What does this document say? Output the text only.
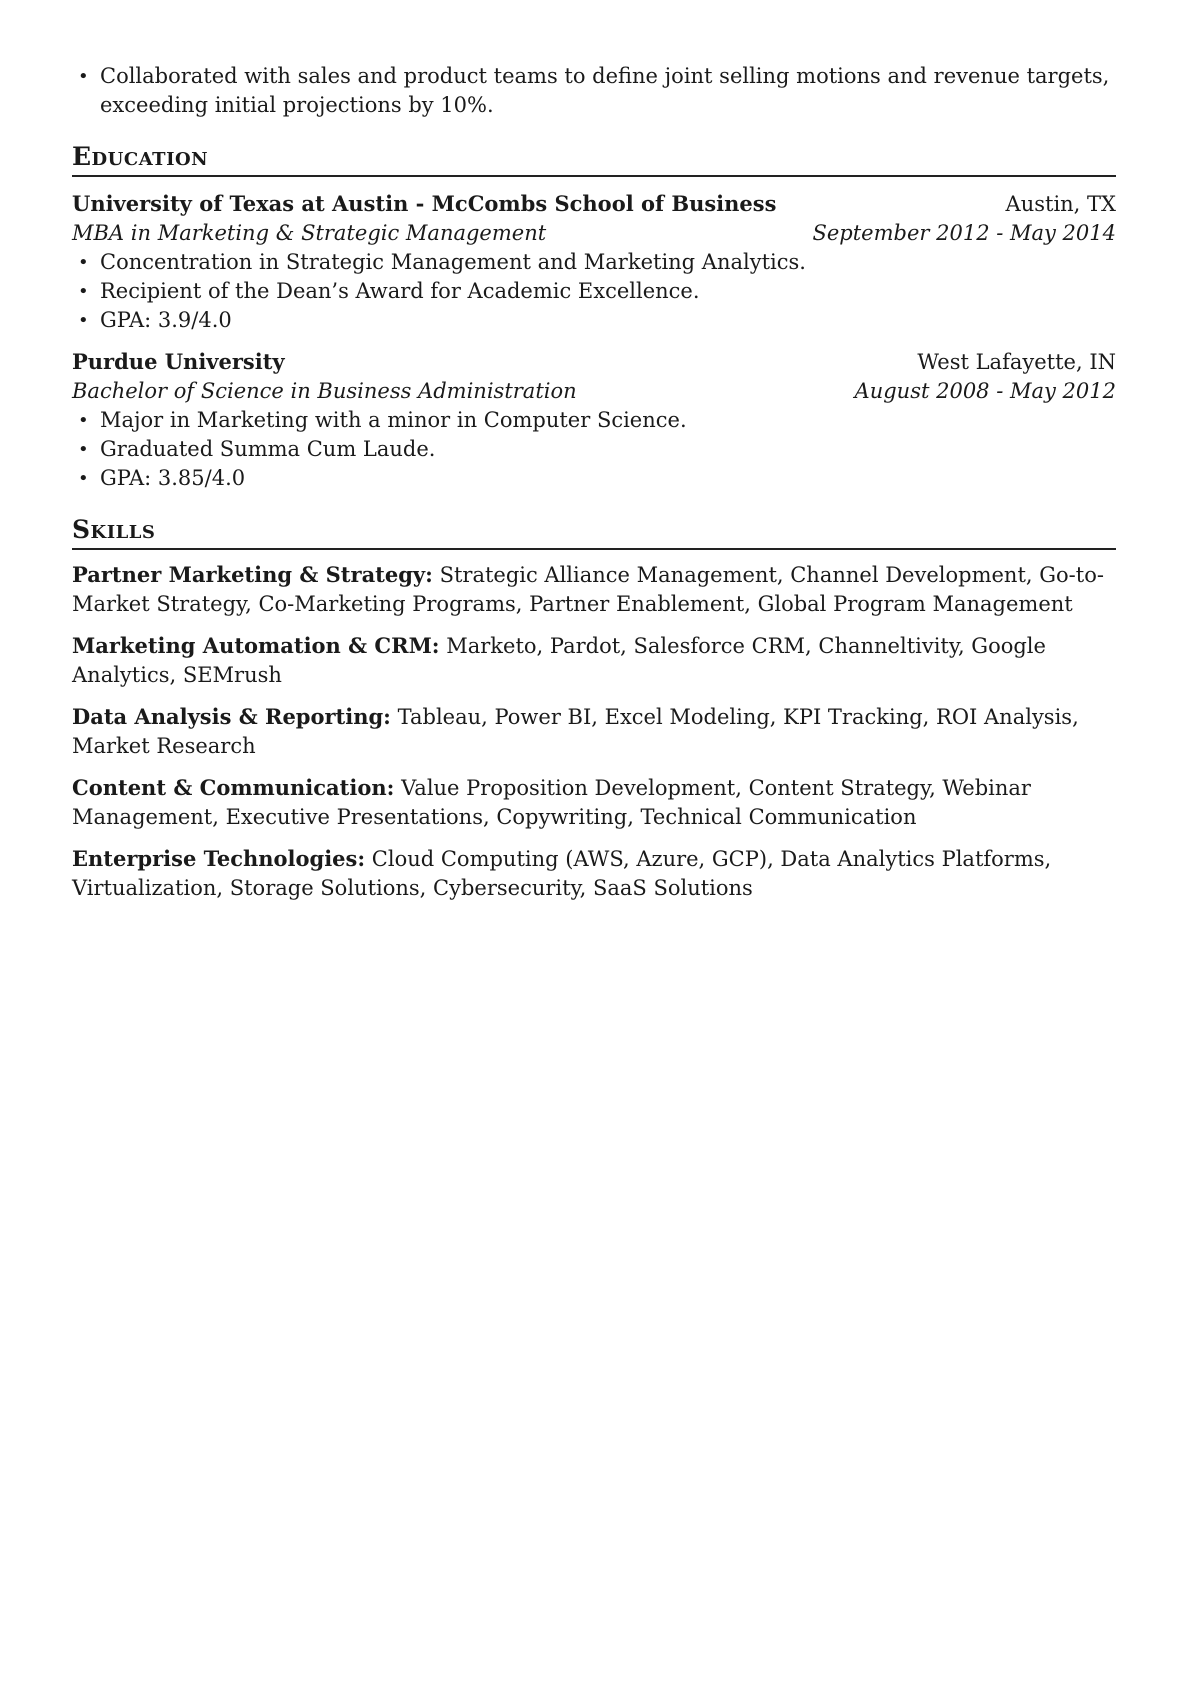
• Collaborated with sales and product teams to define joint selling motions and revenue targets, exceeding initial projections by 10%.
Education
University of Texas at Austin - McCombs School of Business	Austin, TX
MBA in Marketing & Strategic Management	September 2012 - May 2014
• Concentration in Strategic Management and Marketing Analytics.
• Recipient of the Dean’s Award for Academic Excellence.
• GPA: 3.9/4.0
Purdue University	West Lafayette, IN
Bachelor of Science in Business Administration	August 2008 - May 2012
• Major in Marketing with a minor in Computer Science.
• Graduated Summa Cum Laude.
• GPA: 3.85/4.0
Skills
Partner Marketing & Strategy: Strategic Alliance Management, Channel Development, Go-to-Market Strategy, Co-Marketing Programs, Partner Enablement, Global Program Management
Marketing Automation & CRM: Marketo, Pardot, Salesforce CRM, Channeltivity, Google Analytics, SEMrush
Data Analysis & Reporting: Tableau, Power BI, Excel Modeling, KPI Tracking, ROI Analysis, Market Research
Content & Communication: Value Proposition Development, Content Strategy, Webinar Management, Executive Presentations, Copywriting, Technical Communication
Enterprise Technologies: Cloud Computing (AWS, Azure, GCP), Data Analytics Platforms, Virtualization, Storage Solutions, Cybersecurity, SaaS Solutions
